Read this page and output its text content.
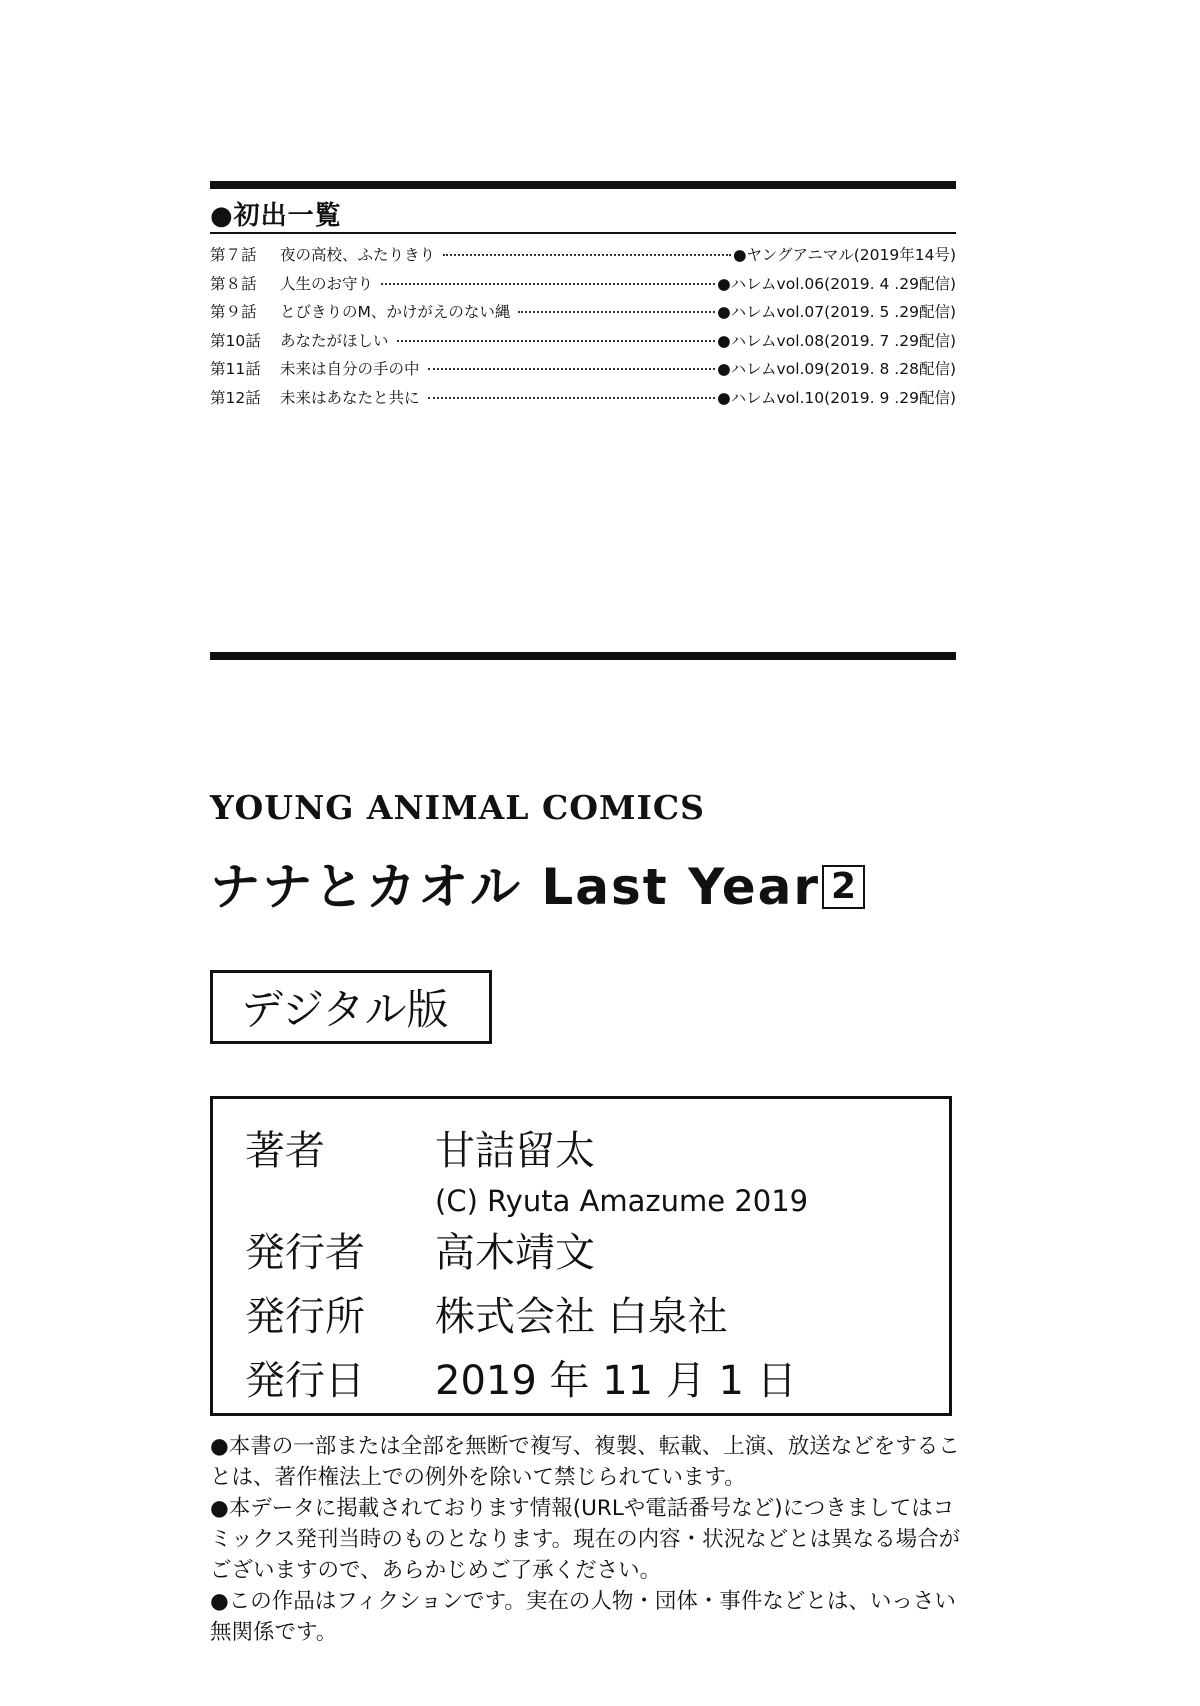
●初出一覧
第７話	夜の高校、ふたりきり	●ヤングアニマル(2019年14号)
第８話	人生のお守り	●ハレムvol.06(2019. 4 .29配信)
第９話	とびきりのM、かけがえのない縄	●ハレムvol.07(2019. 5 .29配信)
第10話	あなたがほしい	●ハレムvol.08(2019. 7 .29配信)
第11話	未来は自分の手の中	●ハレムvol.09(2019. 8 .28配信)
第12話	未来はあなたと共に	●ハレムvol.10(2019. 9 .29配信)
YOUNG ANIMAL COMICS
ナナとカオル Last Year 2
デジタル版
著者	甘詰留太
(C) Ryuta Amazume 2019
発行者 高木靖文
発行所 株式会社 白泉社
発行日 2019 年 11 月 1 日

●本書の一部または全部を無断で複写、複製、転載、上演、放送などをすることは、著作権法上での例外を除いて禁じられています。

●本データに掲載されております情報(URLや電話番号など)につきましてはコミックス発刊当時のものとなります。現在の内容・状況などとは異なる場合がございますので、あらかじめご了承ください。

●この作品はフィクションです。実在の人物・団体・事件などとは、いっさい無関係です。
